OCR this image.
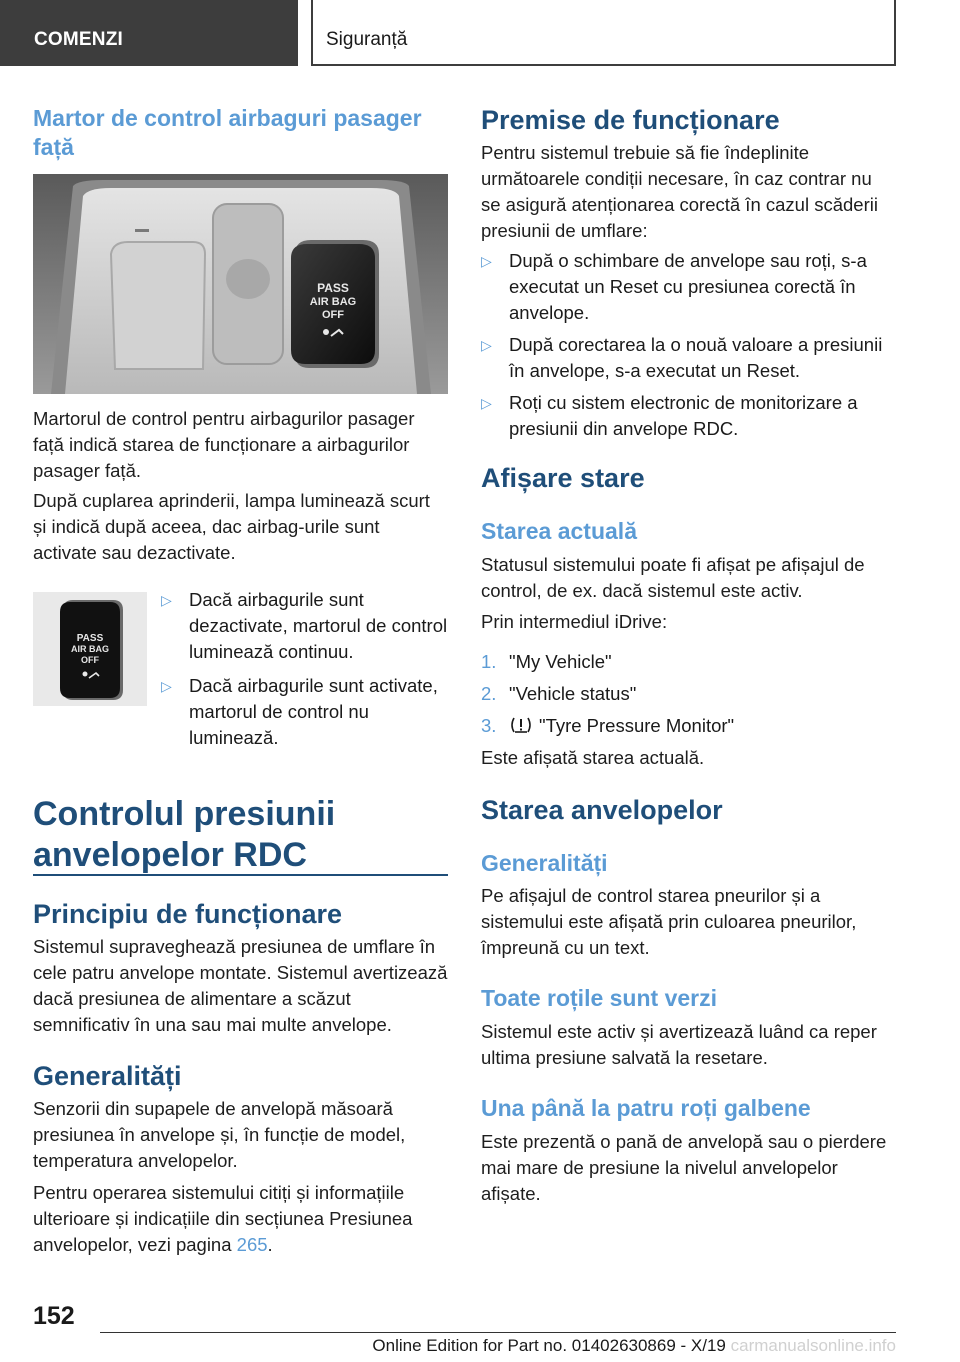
COMENZI	Siguranță
Martor de control airbaguri pasager față
PASS
AIR BAG
OFF
Martorul de control pentru airbagurilor pasager față indică starea de funcționare a airbagurilor pasager față.
După cuplarea aprinderii, lampa luminează scurt și indică după aceea, dac airbag-urile sunt activate sau dezactivate.
PASS
AIR BAG
OFF
▷ Dacă airbagurile sunt dezactivate, martorul de control luminează continuu.
▷ Dacă airbagurile sunt activate, martorul de control nu luminează.
Controlul presiunii anvelopelor RDC
Principiu de funcționare
Sistemul supraveghează presiunea de umflare în cele patru anvelope montate. Sistemul avertizează dacă presiunea de alimentare a scăzut semnificativ în una sau mai multe anvelope.
Generalități
Senzorii din supapele de anvelopă măsoară presiunea în anvelope și, în funcție de model, temperatura anvelopelor.
Pentru operarea sistemului citiți și informațiile ulterioare și indicațiile din secțiunea Presiunea anvelopelor, vezi pagina 265.
Premise de funcționare
Pentru sistemul trebuie să fie îndeplinite următoarele condiții necesare, în caz contrar nu se asigură atenționarea corectă în cazul scăderii presiunii de umflare:
▷ După o schimbare de anvelope sau roți, s-a executat un Reset cu presiunea corectă în anvelope.
▷ După corectarea la o nouă valoare a presiunii în anvelope, s-a executat un Reset.
▷ Roți cu sistem electronic de monitorizare a presiunii din anvelope RDC.
Afișare stare
Starea actuală
Statusul sistemului poate fi afișat pe afișajul de control, de ex. dacă sistemul este activ.
Prin intermediul iDrive:
1. "My Vehicle"
2. "Vehicle status"
3. "Tyre Pressure Monitor"
Este afișată starea actuală.
Starea anvelopelor
Generalități
Pe afișajul de control starea pneurilor și a sistemului este afișată prin culoarea pneurilor, împreună cu un text.
Toate roțile sunt verzi
Sistemul este activ și avertizează luând ca reper ultima presiune salvată la resetare.
Una până la patru roți galbene
Este prezentă o pană de anvelopă sau o pierdere mai mare de presiune la nivelul anvelopelor afișate.
152
Online Edition for Part no. 01402630869 - X/19 carmanualsonline.info
